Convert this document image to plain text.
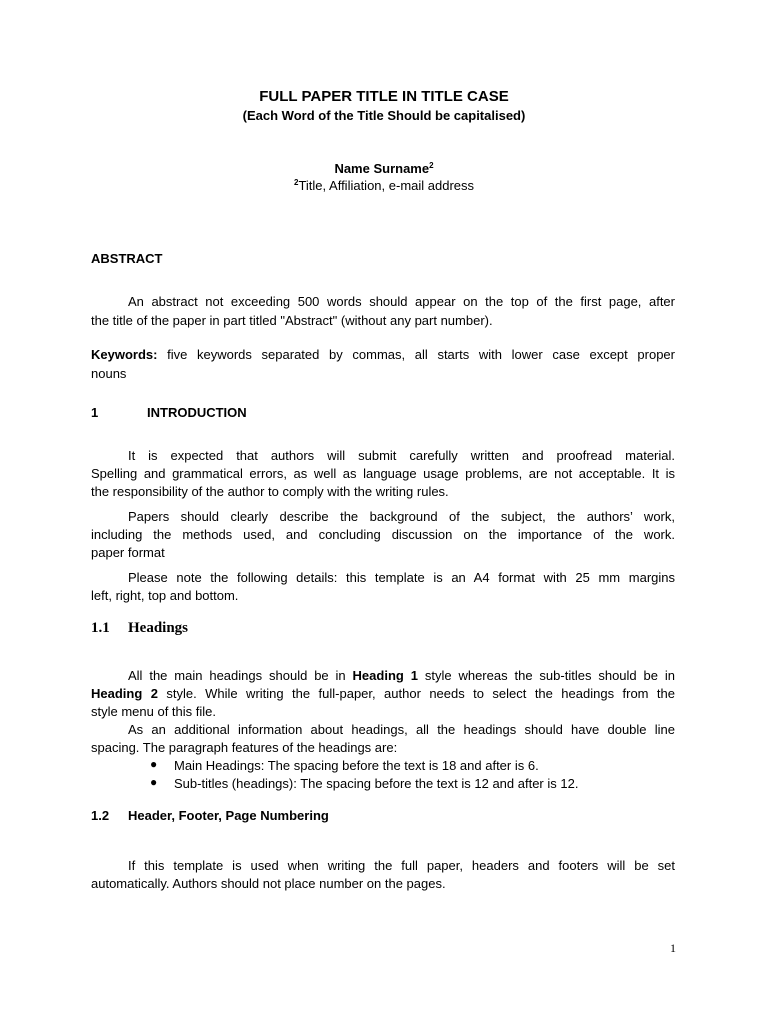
FULL PAPER TITLE IN TITLE CASE
(Each Word of the Title Should be capitalised)
Name Surname$^2$
$^2$Title, Affiliation, e-mail address
ABSTRACT
An abstract not exceeding 500 words should appear on the top of the first page, after
the title of the paper in part titled "Abstract" (without any part number).
Keywords: five keywords separated by commas, all starts with lower case except proper
nouns
1	INTRODUCTION
It is expected that authors will submit carefully written and proofread material.
Spelling and grammatical errors, as well as language usage problems, are not acceptable. It is
the responsibility of the author to comply with the writing rules.
Papers should clearly describe the background of the subject, the authors’ work,
including the methods used, and concluding discussion on the importance of the work.
paper format
Please note the following details: this template is an A4 format with 25 mm margins
left, right, top and bottom.
1.1	Headings
All the main headings should be in Heading 1 style whereas the sub-titles should be in
Heading 2 style. While writing the full-paper, author needs to select the headings from the
style menu of this file.
As an additional information about headings, all the headings should have double line
spacing. The paragraph features of the headings are:
● Main Headings: The spacing before the text is 18 and after is 6.
● Sub-titles (headings): The spacing before the text is 12 and after is 12.
1.2	Header, Footer, Page Numbering
If this template is used when writing the full paper, headers and footers will be set
automatically. Authors should not place number on the pages.
1
